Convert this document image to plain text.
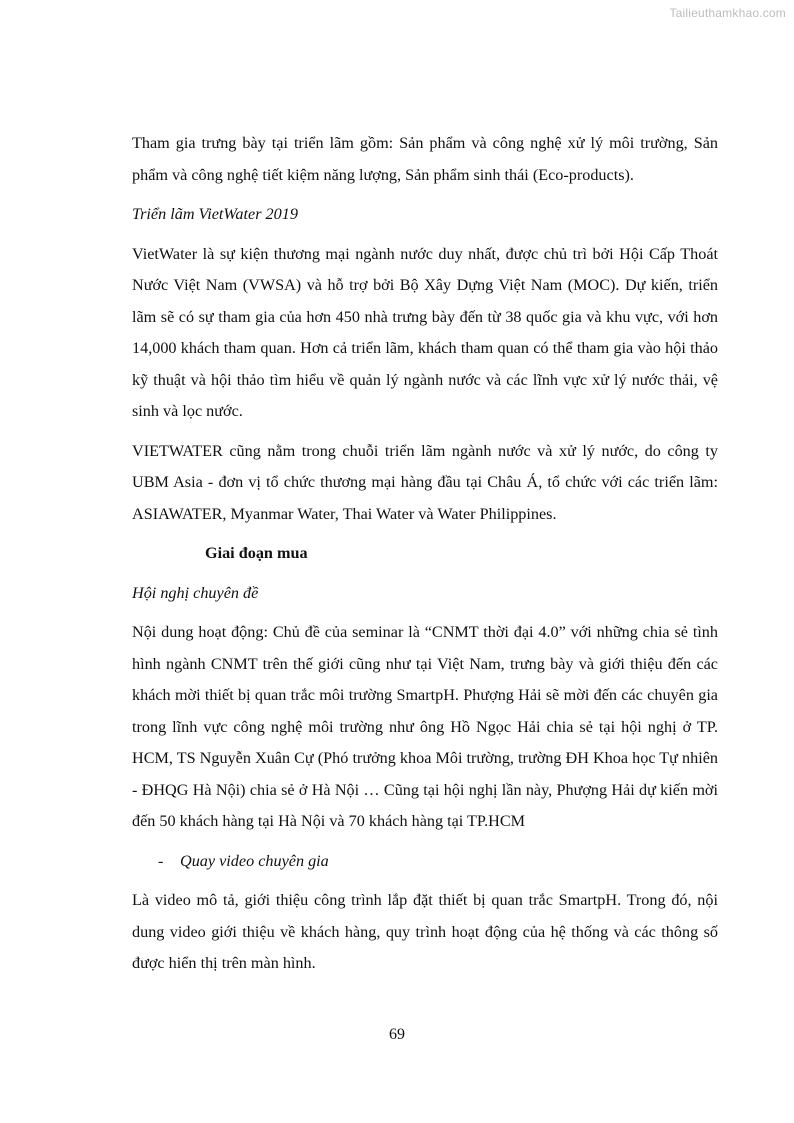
Tailieuthamkhao.com

Tham gia trưng bày tại triển lãm gồm: Sản phẩm và công nghệ xử lý môi trường, Sản phẩm và công nghệ tiết kiệm năng lượng, Sản phẩm sinh thái (Eco-products).

Triển lãm VietWater 2019

VietWater là sự kiện thương mại ngành nước duy nhất, được chủ trì bởi Hội Cấp Thoát Nước Việt Nam (VWSA) và hỗ trợ bởi Bộ Xây Dựng Việt Nam (MOC). Dự kiến, triển lãm sẽ có sự tham gia của hơn 450 nhà trưng bày đến từ 38 quốc gia và khu vực, với hơn 14,000 khách tham quan. Hơn cả triển lãm, khách tham quan có thể tham gia vào hội thảo kỹ thuật và hội thảo tìm hiểu về quản lý ngành nước và các lĩnh vực xử lý nước thải, vệ sinh và lọc nước.

VIETWATER cũng nằm trong chuỗi triển lãm ngành nước và xử lý nước, do công ty UBM Asia - đơn vị tổ chức thương mại hàng đầu tại Châu Á, tổ chức với các triển lãm: ASIAWATER, Myanmar Water, Thai Water và Water Philippines.

Giai đoạn mua

Hội nghị chuyên đề

Nội dung hoạt động: Chủ đề của seminar là “CNMT thời đại 4.0” với những chia sẻ tình hình ngành CNMT trên thế giới cũng như tại Việt Nam, trưng bày và giới thiệu đến các khách mời thiết bị quan trắc môi trường SmartpH. Phượng Hải sẽ mời đến các chuyên gia trong lĩnh vực công nghệ môi trường như ông Hồ Ngọc Hải chia sẻ tại hội nghị ở TP. HCM, TS Nguyễn Xuân Cự (Phó trưởng khoa Môi trường, trường ĐH Khoa học Tự nhiên - ĐHQG Hà Nội) chia sẻ ở Hà Nội … Cũng tại hội nghị lần này, Phượng Hải dự kiến mời đến 50 khách hàng tại Hà Nội và 70 khách hàng tại TP.HCM

-	Quay video chuyên gia

Là video mô tả, giới thiệu công trình lắp đặt thiết bị quan trắc SmartpH. Trong đó, nội dung video giới thiệu về khách hàng, quy trình hoạt động của hệ thống và các thông số được hiển thị trên màn hình.

69
